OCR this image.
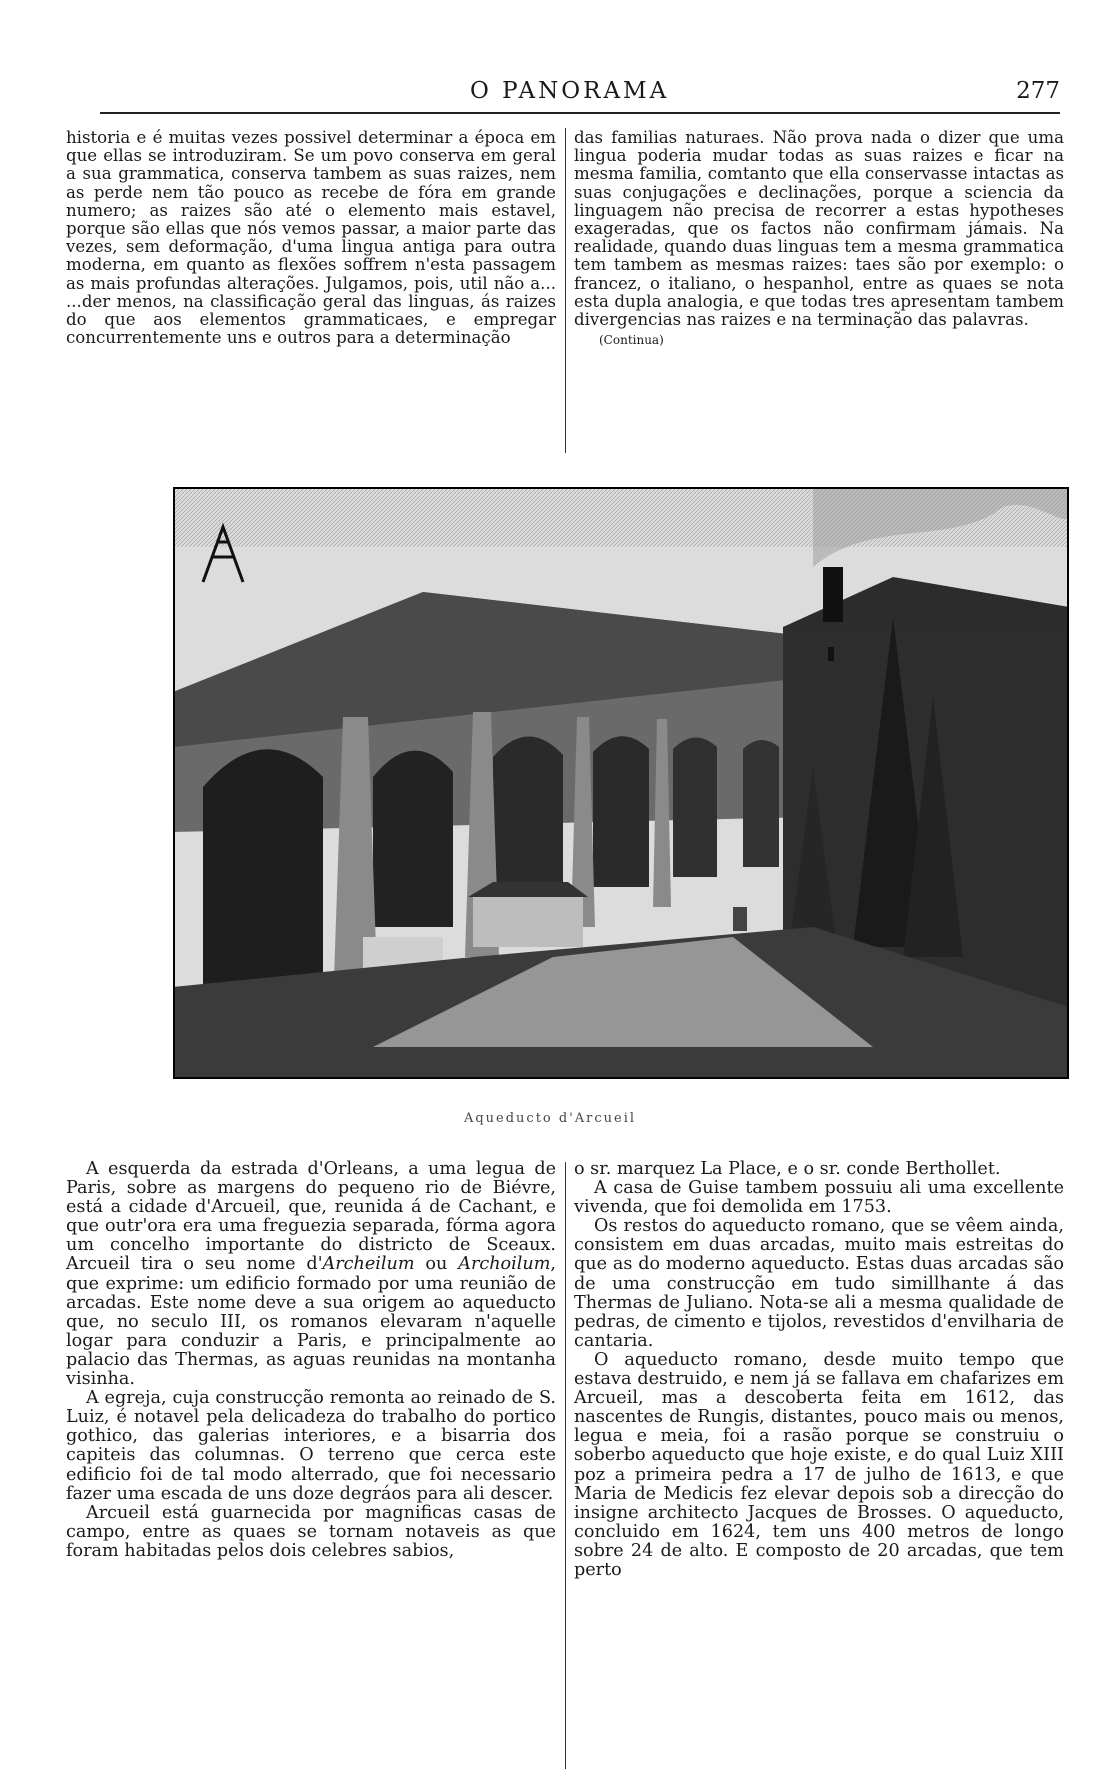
O PANORAMA	277

historia e é muitas vezes possivel determinar a época em que ellas se introduziram. Se um povo conserva em geral a sua grammatica, conserva tambem as suas raizes, nem as perde nem tão pouco as recebe de fóra em grande numero; as raizes são até o elemento mais estavel, porque são ellas que nós vemos passar, a maior parte das vezes, sem deformação, d'uma lingua antiga para outra moderna, em quanto as flexões soffrem n'esta passagem as mais profundas alterações. Julgamos, pois, util não a... ...der menos, na classificação geral das linguas, ás raizes do que aos elementos grammaticaes, e empregar concurrentemente uns e outros para a determinação

das familias naturaes. Não prova nada o dizer que uma lingua poderia mudar todas as suas raizes e ficar na mesma familia, comtanto que ella conservasse intactas as suas conjugações e declinações, porque a sciencia da linguagem não precisa de recorrer a estas hypotheses exageradas, que os factos não confirmam jámais. Na realidade, quando duas linguas tem a mesma grammatica tem tambem as mesmas raizes: taes são por exemplo: o francez, o italiano, o hespanhol, entre as quaes se nota esta dupla analogia, e que todas tres apresentam tambem divergencias nas raizes e na terminação das palavras.

(Continua)
Aqueducto d'Arcueil

A esquerda da estrada d'Orleans, a uma legua de Paris, sobre as margens do pequeno rio de Biévre, está a cidade d'Arcueil, que, reunida á de Cachant, e que outr'ora era uma freguezia separada, fórma agora um concelho importante do districto de Sceaux. Arcueil tira o seu nome d'Archeilum ou Archoilum, que exprime: um edificio formado por uma reunião de arcadas. Este nome deve a sua origem ao aqueducto que, no seculo III, os romanos elevaram n'aquelle logar para conduzir a Paris, e principalmente ao palacio das Thermas, as aguas reunidas na montanha visinha.

A egreja, cuja construcção remonta ao reinado de S. Luiz, é notavel pela delicadeza do trabalho do portico gothico, das galerias interiores, e a bisarria dos capiteis das columnas. O terreno que cerca este edificio foi de tal modo alterrado, que foi necessario fazer uma escada de uns doze degráos para ali descer.

Arcueil está guarnecida por magnificas casas de campo, entre as quaes se tornam notaveis as que foram habitadas pelos dois celebres sabios,

o sr. marquez La Place, e o sr. conde Berthollet.

A casa de Guise tambem possuiu ali uma excellente vivenda, que foi demolida em 1753.

Os restos do aqueducto romano, que se vêem ainda, consistem em duas arcadas, muito mais estreitas do que as do moderno aqueducto. Estas duas arcadas são de uma construcção em tudo simillhante á das Thermas de Juliano. Nota-se ali a mesma qualidade de pedras, de cimento e tijolos, revestidos d'envilharia de cantaria.

O aqueducto romano, desde muito tempo que estava destruido, e nem já se fallava em chafarizes em Arcueil, mas a descoberta feita em 1612, das nascentes de Rungis, distantes, pouco mais ou menos, legua e meia, foi a rasão porque se construiu o soberbo aqueducto que hoje existe, e do qual Luiz XIII poz a primeira pedra a 17 de julho de 1613, e que Maria de Medicis fez elevar depois sob a direcção do insigne architecto Jacques de Brosses. O aqueducto, concluido em 1624, tem uns 400 metros de longo sobre 24 de alto. E composto de 20 arcadas, que tem perto
